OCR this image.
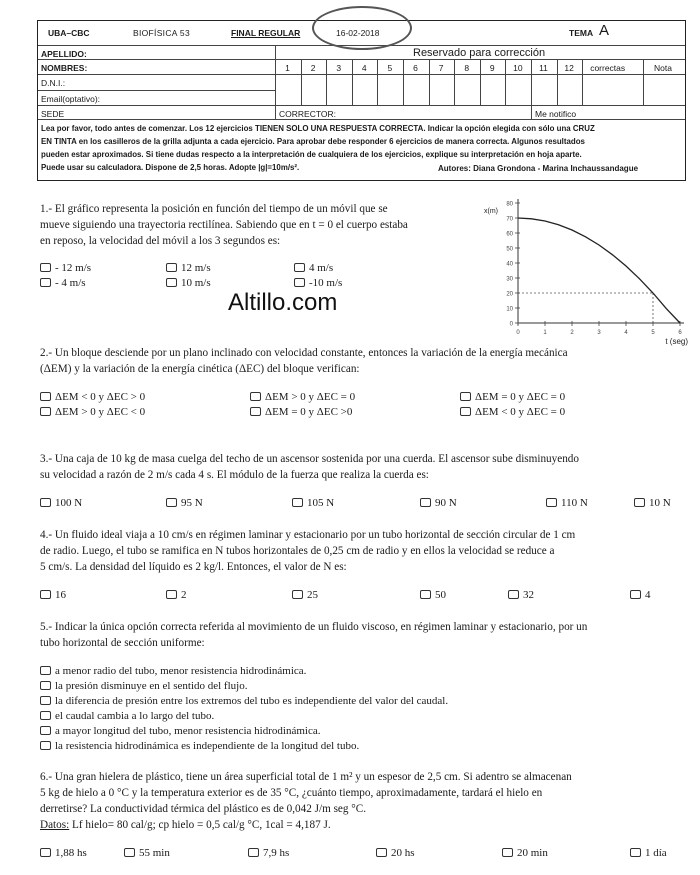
UBA–CBC	BIOFÍSICA 53	FINAL REGULAR	16-02-2018	TEMA A
APELLIDO:
NOMBRES:
D.N.I.:
Email(optativo):
SEDE
Reservado para corrección
CORRECTOR:	Me notifico
1	2	3	4	5	6	7	8	9	10	11	12	correctas	Nota
Lea por favor, todo antes de comenzar. Los 12 ejercicios TIENEN SOLO UNA RESPUESTA CORRECTA. Indicar la opción elegida con sólo una CRUZ
EN TINTA en los casilleros de la grilla adjunta a cada ejercicio. Para aprobar debe responder 6 ejercicios de manera correcta. Algunos resultados
pueden estar aproximados. Si tiene dudas respecto a la interpretación de cualquiera de los ejercicios, explique su interpretación en hoja aparte.
Puede usar su calculadora. Dispone de 2,5 horas. Adopte |g|=10m/s².	Autores: Diana Grondona - Marina Inchaussandague
1.- El gráfico representa la posición en función del tiempo de un móvil que se
mueve siguiendo una trayectoria rectilínea. Sabiendo que en t = 0 el cuerpo estaba
en reposo, la velocidad del móvil a los 3 segundos es:
- 12 m/s	12 m/s	4 m/s
- 4 m/s	10 m/s	-10 m/s
Altillo.com
0
10
20
30
40
50
60
70
80
0	1	2	3	4	5	6
x(m)
t (seg)
2.- Un bloque desciende por un plano inclinado con velocidad constante, entonces la variación de la energía mecánica
(ΔEM) y la variación de la energía cinética (ΔEC) del bloque verifican:
ΔEM < 0 y ΔEC > 0	ΔEM > 0 y ΔEC = 0	ΔEM = 0 y ΔEC = 0
ΔEM > 0 y ΔEC < 0	ΔEM = 0 y ΔEC >0	ΔEM < 0 y ΔEC = 0
3.- Una caja de 10 kg de masa cuelga del techo de un ascensor sostenida por una cuerda. El ascensor sube disminuyendo
su velocidad a razón de 2 m/s cada 4 s. El módulo de la fuerza que realiza la cuerda es:
100 N	95 N	105 N	90 N	110 N	10 N
4.- Un fluido ideal viaja a 10 cm/s en régimen laminar y estacionario por un tubo horizontal de sección circular de 1 cm
de radio. Luego, el tubo se ramifica en N tubos horizontales de 0,25 cm de radio y en ellos la velocidad se reduce a
5 cm/s. La densidad del líquido es 2 kg/l. Entonces, el valor de N es:
16	2	25	50	32	4
5.- Indicar la única opción correcta referida al movimiento de un fluido viscoso, en régimen laminar y estacionario, por un
tubo horizontal de sección uniforme:
a menor radio del tubo, menor resistencia hidrodinámica.
la presión disminuye en el sentido del flujo.
la diferencia de presión entre los extremos del tubo es independiente del valor del caudal.
el caudal cambia a lo largo del tubo.
a mayor longitud del tubo, menor resistencia hidrodinámica.
la resistencia hidrodinámica es independiente de la longitud del tubo.
6.- Una gran hielera de plástico, tiene un área superficial total de 1 m² y un espesor de 2,5 cm. Si adentro se almacenan
5 kg de hielo a 0 °C y la temperatura exterior es de 35 °C, ¿cuánto tiempo, aproximadamente, tardará el hielo en
derretirse? La conductividad térmica del plástico es de 0,042 J/m seg °C.
Datos: Lf hielo= 80 cal/g; cp hielo = 0,5 cal/g °C, 1cal = 4,187 J.
1,88 hs	55 min	7,9 hs	20 hs	20 min	1 día
